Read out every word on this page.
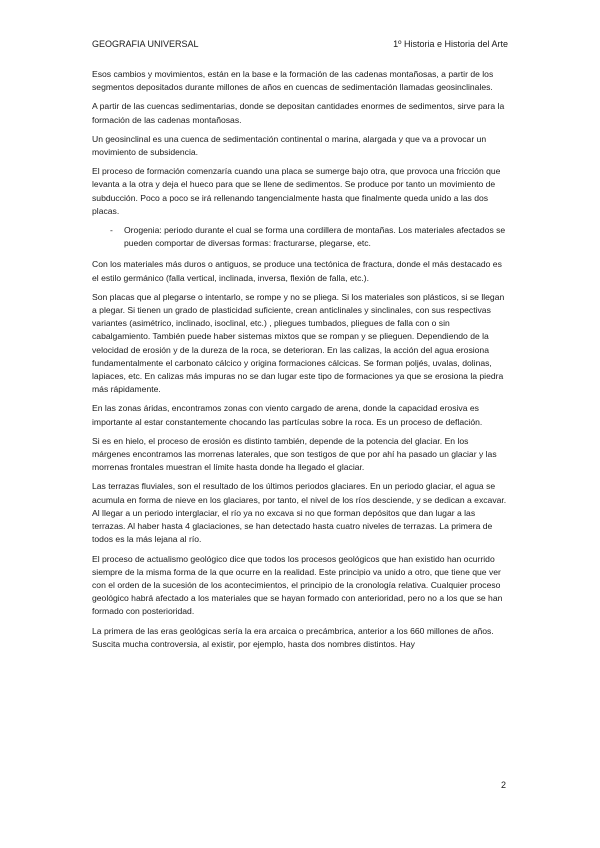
GEOGRAFIA UNIVERSAL	1º Historia e Historia del Arte

Esos cambios y movimientos, están en la base e la formación de las cadenas montañosas, a partir de los segmentos depositados durante millones de años en cuencas de sedimentación llamadas geosinclinales.

A partir de las cuencas sedimentarias, donde se depositan cantidades enormes de sedimentos, sirve para la formación de las cadenas montañosas.

Un geosinclinal es una cuenca de sedimentación continental o marina, alargada y que va a provocar un movimiento de subsidencia.

El proceso de formación comenzaría cuando una placa se sumerge bajo otra, que provoca una fricción que levanta a la otra y deja el hueco para que se llene de sedimentos. Se produce por tanto un movimiento de subducción. Poco a poco se irá rellenando tangencialmente hasta que finalmente queda unido a las dos placas.

- Orogenia: periodo durante el cual se forma una cordillera de montañas. Los materiales afectados se pueden comportar de diversas formas: fracturarse, plegarse, etc.

Con los materiales más duros o antiguos, se produce una tectónica de fractura, donde el más destacado es el estilo germánico (falla vertical, inclinada, inversa, flexión de falla, etc.).

Son placas que al plegarse o intentarlo, se rompe y no se pliega. Si los materiales son plásticos, si se llegan a plegar. Si tienen un grado de plasticidad suficiente, crean anticlinales y sinclinales, con sus respectivas variantes (asimétrico, inclinado, isoclinal, etc.) , pliegues tumbados, pliegues de falla con o sin cabalgamiento. También puede haber sistemas mixtos que se rompan y se plieguen. Dependiendo de la velocidad de erosión y de la dureza de la roca, se deterioran. En las calizas, la acción del agua erosiona fundamentalmente el carbonato cálcico y origina formaciones cálcicas. Se forman poljés, uvalas, dolinas, lapiaces, etc. En calizas más impuras no se dan lugar este tipo de formaciones ya que se erosiona la piedra más rápidamente.

En las zonas áridas, encontramos zonas con viento cargado de arena, donde la capacidad erosiva es importante al estar constantemente chocando las partículas sobre la roca. Es un proceso de deflación.

Si es en hielo, el proceso de erosión es distinto también, depende de la potencia del glaciar. En los márgenes encontramos las morrenas laterales, que son testigos de que por ahí ha pasado un glaciar y las morrenas frontales muestran el límite hasta donde ha llegado el glaciar.

Las terrazas fluviales, son el resultado de los últimos periodos glaciares. En un periodo glaciar, el agua se acumula en forma de nieve en los glaciares, por tanto, el nivel de los ríos desciende, y se dedican a excavar. Al llegar a un periodo interglaciar, el río ya no excava si no que forman depósitos que dan lugar a las terrazas. Al haber hasta 4 glaciaciones, se han detectado hasta cuatro niveles de terrazas. La primera de todos es la más lejana al río.

El proceso de actualismo geológico dice que todos los procesos geológicos que han existido han ocurrido siempre de la misma forma de la que ocurre en la realidad. Este principio va unido a otro, que tiene que ver con el orden de la sucesión de los acontecimientos, el principio de la cronología relativa. Cualquier proceso geológico habrá afectado a los materiales que se hayan formado con anterioridad, pero no a los que se han formado con posterioridad.

La primera de las eras geológicas sería la era arcaica o precámbrica, anterior a los 660 millones de años. Suscita mucha controversia, al existir, por ejemplo, hasta dos nombres distintos. Hay

2
